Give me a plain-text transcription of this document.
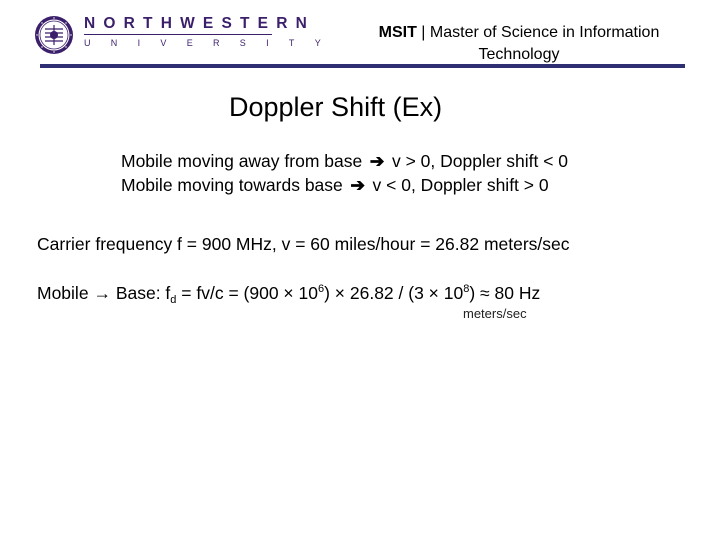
NORTHWESTERN
UNIVERSITY
MSIT | Master of Science in Information Technology
Doppler Shift (Ex)
Mobile moving away from base ➔ v > 0, Doppler shift < 0
Mobile moving towards base ➔ v < 0, Doppler shift > 0
Carrier frequency f = 900 MHz, v = 60 miles/hour = 26.82 meters/sec
Mobile → Base: $f_d = fv/c = (900 \times 10^6) \times 26.82 / (3 \times 10^8) \approx 80$ Hz
meters/sec
